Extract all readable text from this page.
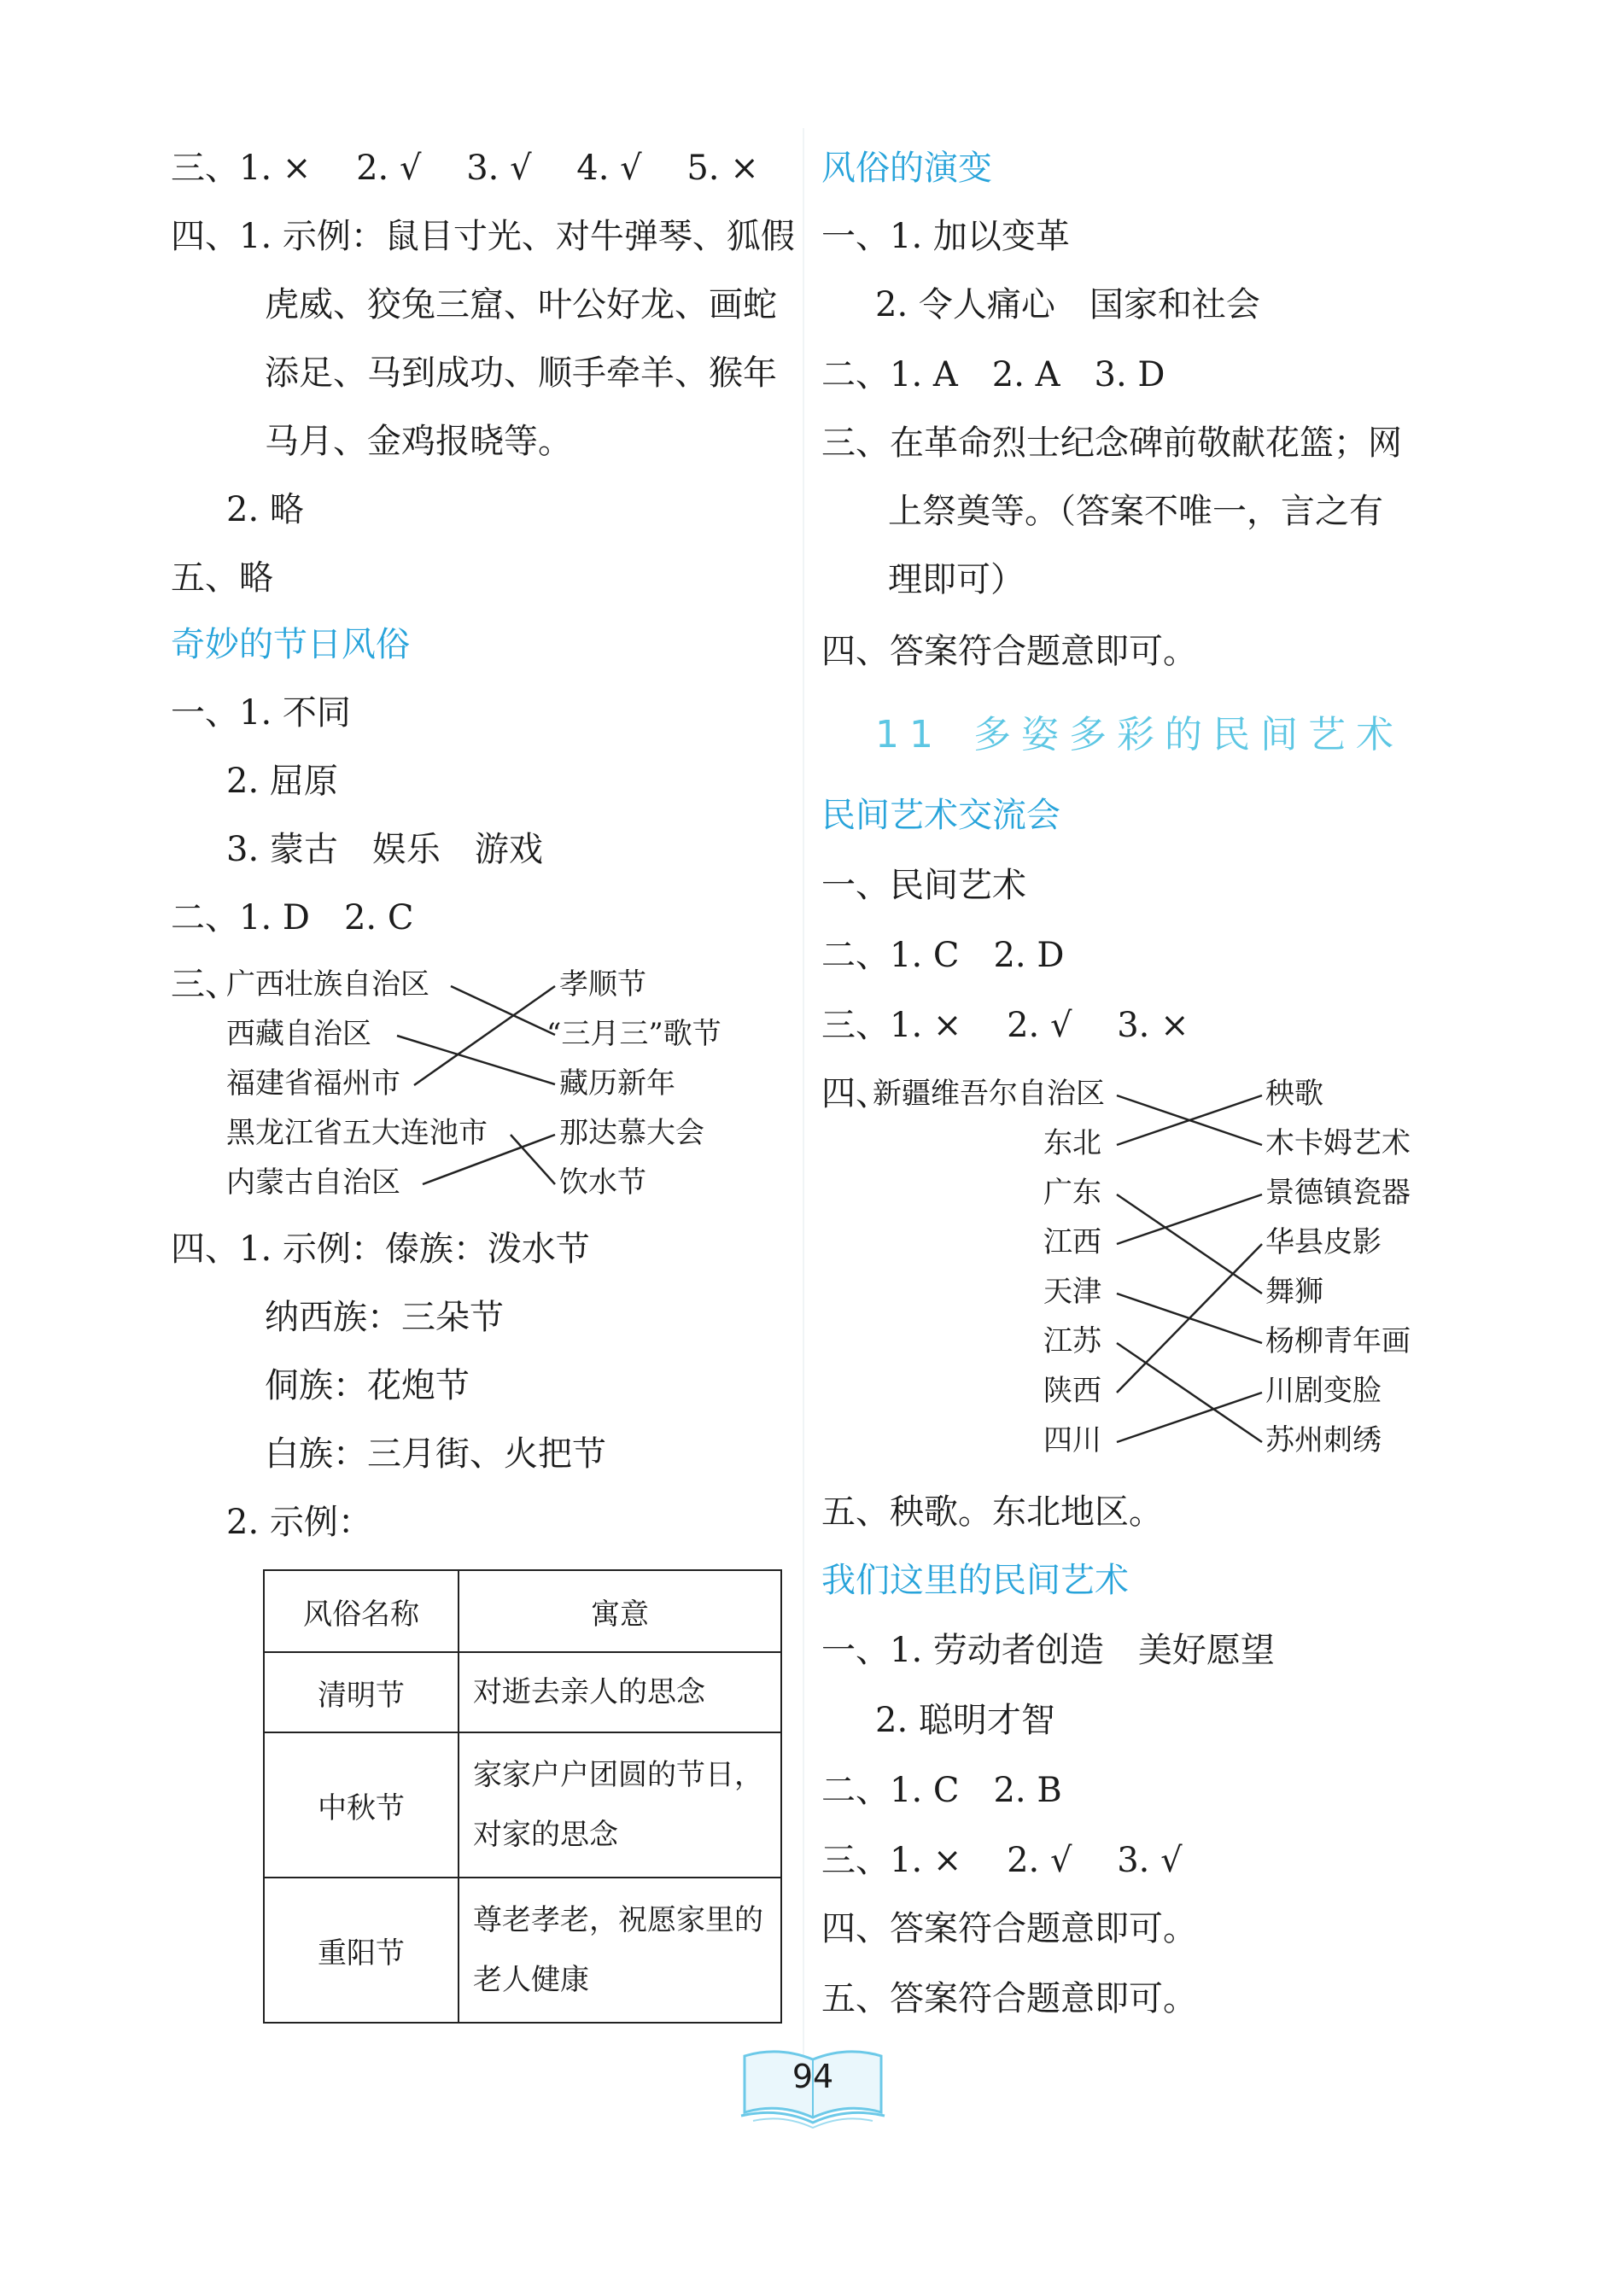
三、1. ×　 2. √　 3. √　 4. √　 5. ×
四、1. 示例：鼠目寸光、对牛弹琴、狐假
虎威、狡兔三窟、叶公好龙、画蛇
添足、马到成功、顺手牵羊、猴年
马月、金鸡报晓等。
2. 略
五、略
奇妙的节日风俗
一、1. 不同
2. 屈原
3. 蒙古　娱乐　游戏
二、1. D　2. C
三、
广西壮族自治区
西藏自治区
福建省福州市
黑龙江省五大连池市
内蒙古自治区
孝顺节
“三月三”歌节
藏历新年
那达慕大会
饮水节
四、1. 示例：傣族：泼水节
纳西族：三朵节
侗族：花炮节
白族：三月街、火把节
2. 示例：
风俗名称	寓意
清明节	对逝去亲人的思念
中秋节	家家户户团圆的节日，对家的思念
重阳节	尊老孝老，祝愿家里的老人健康
风俗的演变
一、1. 加以变革
2. 令人痛心　国家和社会
二、1. A　2. A　3. D
三、在革命烈士纪念碑前敬献花篮；网
上祭奠等。（答案不唯一，言之有
理即可）
四、答案符合题意即可。
11 多姿多彩的民间艺术
民间艺术交流会
一、民间艺术
二、1. C　2. D
三、1. ×　 2. √　 3. ×
四、
新疆维吾尔自治区
东北
广东
江西
天津
江苏
陕西
四川
秧歌
木卡姆艺术
景德镇瓷器
华县皮影
舞狮
杨柳青年画
川剧变脸
苏州刺绣
五、秧歌。东北地区。
我们这里的民间艺术
一、1. 劳动者创造　美好愿望
2. 聪明才智
二、1. C　2. B
三、1. ×　 2. √　 3. √
四、答案符合题意即可。
五、答案符合题意即可。
94
